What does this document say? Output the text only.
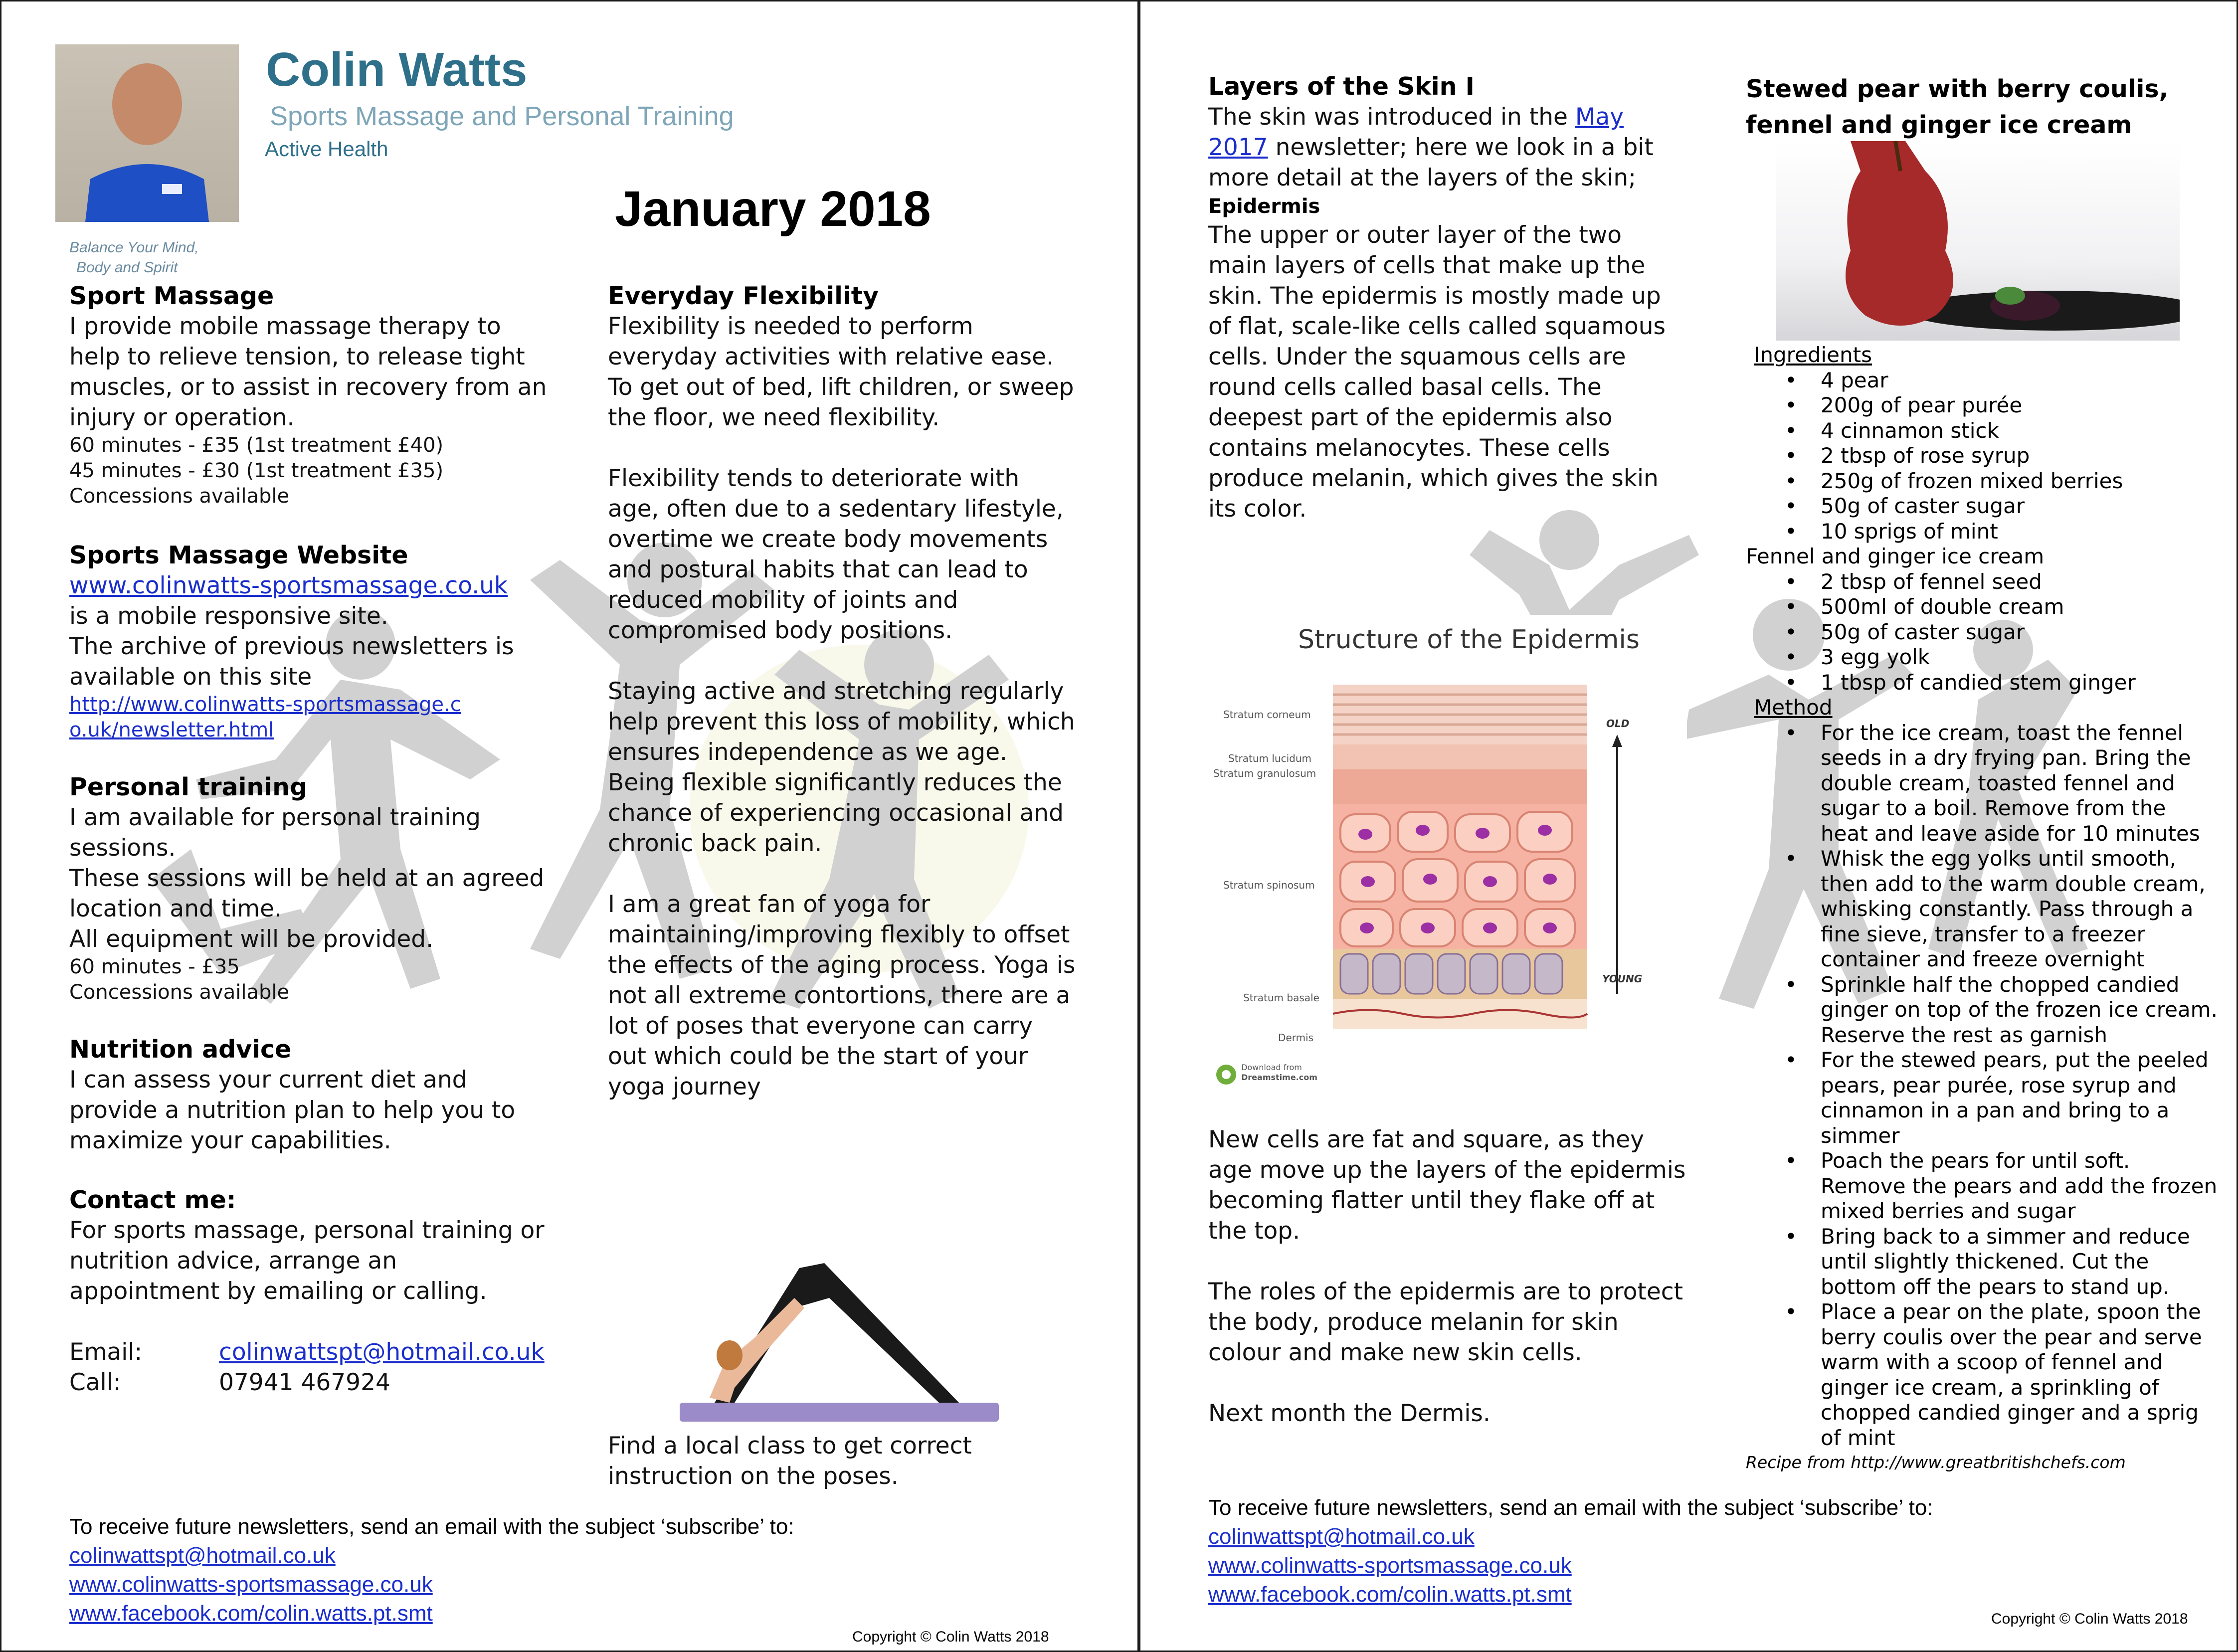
Colin Watts
Sports Massage and Personal Training
Active Health
Balance Your Mind,
Body and Spirit
January 2018
Sport Massage

I provide mobile massage therapy to help to relieve tension, to release tight muscles, or to assist in recovery from an injury or operation.

60 minutes - £35 (1st treatment £40)
45 minutes - £30 (1st treatment £35)
Concessions available
Sports Massage Website
www.colinwatts-sportsmassage.co.uk

is a mobile responsive site.

The archive of previous newsletters is available on this site

http://www.colinwatts-sportsmassage.co.uk/newsletter.html
Personal training

I am available for personal training sessions.

These sessions will be held at an agreed location and time.

All equipment will be provided.

60 minutes - £35
Concessions available
Nutrition advice

I can assess your current diet and provide a nutrition plan to help you to maximize your capabilities.

Contact me:

For sports massage, personal training or nutrition advice, arrange an appointment by emailing or calling.

Email:	colinwattspt@hotmail.co.uk
Call:	07941 467924
Everyday Flexibility

Flexibility is needed to perform everyday activities with relative ease. To get out of bed, lift children, or sweep the floor, we need flexibility.

Flexibility tends to deteriorate with age, often due to a sedentary lifestyle, overtime we create body movements and postural habits that can lead to reduced mobility of joints and compromised body positions.

Staying active and stretching regularly help prevent this loss of mobility, which ensures independence as we age. Being flexible significantly reduces the chance of experiencing occasional and chronic back pain.

I am a great fan of yoga for maintaining/improving flexibly to offset the effects of the aging process. Yoga is not all extreme contortions, there are a lot of poses that everyone can carry out which could be the start of your yoga journey

Find a local class to get correct instruction on the poses.

To receive future newsletters, send an email with the subject ‘subscribe’ to:
colinwattspt@hotmail.co.uk
www.colinwatts-sportsmassage.co.uk
www.facebook.com/colin.watts.pt.smt
Copyright © Colin Watts 2018
Layers of the Skin I

The skin was introduced in the May 2017 newsletter; here we look in a bit more detail at the layers of the skin;

Epidermis

The upper or outer layer of the two main layers of cells that make up the skin. The epidermis is mostly made up of flat, scale-like cells called squamous cells. Under the squamous cells are round cells called basal cells. The deepest part of the epidermis also contains melanocytes. These cells produce melanin, which gives the skin its color.

Structure of the Epidermis
Stratum corneum
Stratum lucidum
Stratum granulosum
Stratum spinosum
Stratum basale
Dermis
OLD
YOUNG
Download from
Dreamstime.com

New cells are fat and square, as they age move up the layers of the epidermis becoming flatter until they flake off at the top.

The roles of the epidermis are to protect the body, produce melanin for skin colour and make new skin cells.

Next month the Dermis.

Stewed pear with berry coulis,
fennel and ginger ice cream
Ingredients
• 4 pear
• 200g of pear purée
• 4 cinnamon stick
• 2 tbsp of rose syrup
• 250g of frozen mixed berries
• 50g of caster sugar
• 10 sprigs of mint
Fennel and ginger ice cream
• 2 tbsp of fennel seed
• 500ml of double cream
• 50g of caster sugar
• 3 egg yolk
• 1 tbsp of candied stem ginger
Method
• For the ice cream, toast the fennel seeds in a dry frying pan. Bring the double cream, toasted fennel and sugar to a boil. Remove from the heat and leave aside for 10 minutes
• Whisk the egg yolks until smooth, then add to the warm double cream, whisking constantly. Pass through a fine sieve, transfer to a freezer container and freeze overnight
• Sprinkle half the chopped candied ginger on top of the frozen ice cream. Reserve the rest as garnish
• For the stewed pears, put the peeled pears, pear purée, rose syrup and cinnamon in a pan and bring to a simmer
• Poach the pears for until soft. Remove the pears and add the frozen mixed berries and sugar
• Bring back to a simmer and reduce until slightly thickened. Cut the bottom off the pears to stand up.
• Place a pear on the plate, spoon the berry coulis over the pear and serve warm with a scoop of fennel and ginger ice cream, a sprinkling of chopped candied ginger and a sprig of mint
Recipe from http://www.greatbritishchefs.com
To receive future newsletters, send an email with the subject ‘subscribe’ to:
colinwattspt@hotmail.co.uk
www.colinwatts-sportsmassage.co.uk
www.facebook.com/colin.watts.pt.smt
Copyright © Colin Watts 2018
